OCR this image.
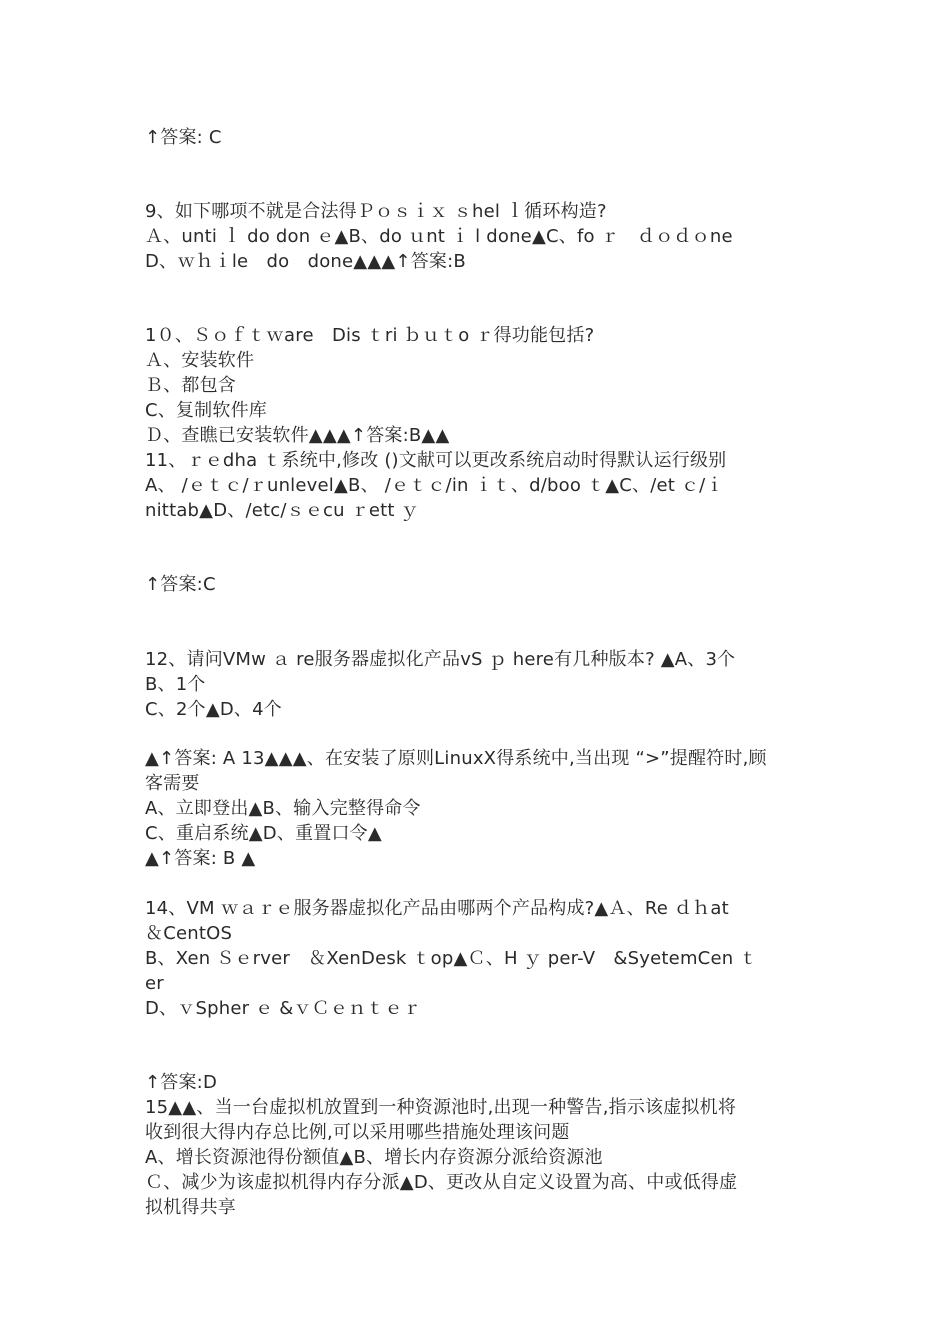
↑答案: C
9、如下哪项不就是合法得Ｐｏｓｉｘ ｓhel ｌ循环构造?
Ａ、unti ｌ do don ｅ▲B、do ｕnt ｉ l done▲C、fo ｒ　ｄｏｄｏne
D、ｗｈｉle　do　done▲▲▲↑答案:B
1０、Ｓｏｆｔｗare　Dis ｔri ｂｕｔo ｒ得功能包括?
Ａ、安装软件
Ｂ、都包含
C、复制软件库
Ｄ、查瞧已安装软件▲▲▲↑答案:B▲▲
11、ｒｅdha ｔ系统中,修改 ()文献可以更改系统启动时得默认运行级别
A、 /ｅｔｃ/ｒunlevel▲B、 /ｅｔｃ/in ｉｔ、d/boo ｔ▲C、/et ｃ/ｉ
nittab▲D、/etc/ｓｅcu ｒett ｙ
↑答案:C
12、请问VMw ａ re服务器虚拟化产品vS ｐ here有几种版本? ▲A、3个
B、1个
C、2个▲D、4个
▲↑答案: A 13▲▲▲、在安装了原则LinuxX得系统中,当出现 “>”提醒符时,顾
客需要
A、立即登出▲B、输入完整得命令
C、重启系统▲D、重置口令▲
▲↑答案: B ▲
14、VM ｗａｒｅ服务器虚拟化产品由哪两个产品构成?▲Ａ、Re ｄｈat
＆CentOS
B、Xen Ｓｅrver　＆XenDesk ｔop▲Ｃ、H ｙ per-V　&SyetemCen ｔ
er
D、ｖSpher ｅ &ｖＣｅｎｔｅｒ
↑答案:D
15▲▲、当一台虚拟机放置到一种资源池时,出现一种警告,指示该虚拟机将
收到很大得内存总比例,可以采用哪些措施处理该问题
A、增长资源池得份额值▲B、增长内存资源分派给资源池
Ｃ、减少为该虚拟机得内存分派▲D、更改从自定义设置为高、中或低得虚
拟机得共享
